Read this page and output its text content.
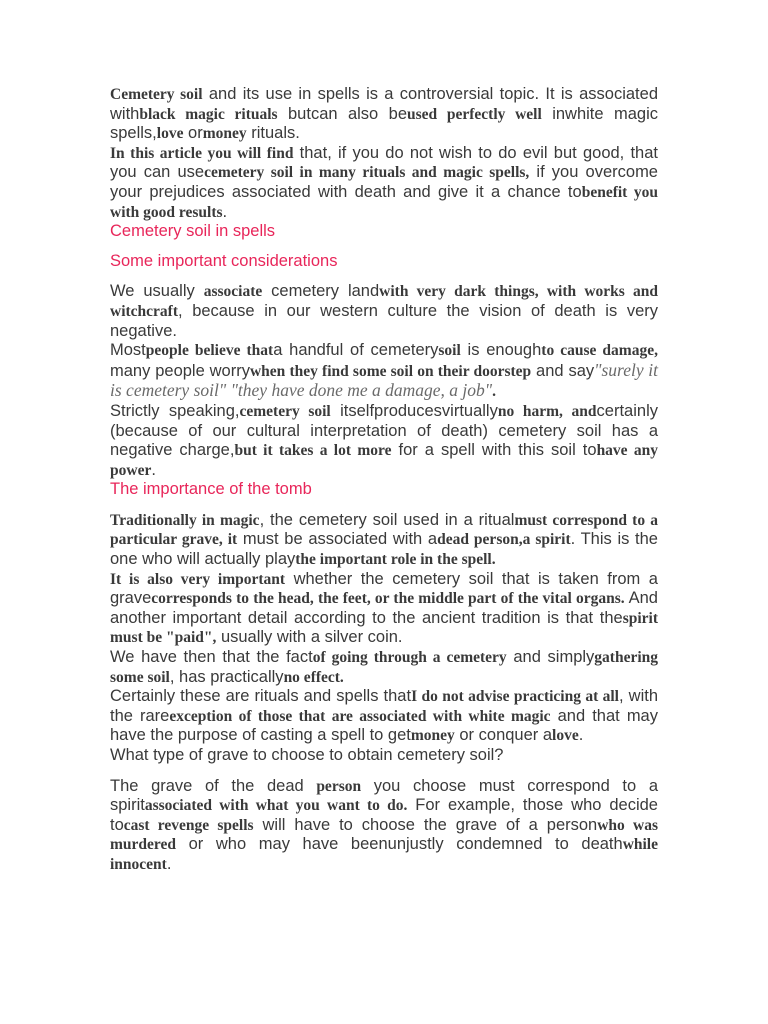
Cemetery soil and its use in spells is a controversial topic. It is associated withblack magic rituals butcan also beused perfectly well inwhite magic spells,love ormoney rituals.

In this article you will find that, if you do not wish to do evil but good, that you can usecemetery soil in many rituals and magic spells, if you overcome your prejudices associated with death and give it a chance tobenefit you with good results.

Cemetery soil in spells

Some important considerations

We usually associate cemetery landwith very dark things, with works and witchcraft, because in our western culture the vision of death is very negative.

Mostpeople believe thata handful of cemeterysoil is enoughto cause damage, many people worrywhen they find some soil on their doorstep and say"surely it is cemetery soil" "they have done me a damage, a job".

Strictly speaking,cemetery soil itselfproducesvirtuallyno harm, andcertainly (because of our cultural interpretation of death) cemetery soil has a negative charge,but it takes a lot more for a spell with this soil tohave any power.

The importance of the tomb

Traditionally in magic, the cemetery soil used in a ritualmust correspond to a particular grave, it must be associated with adead person,a spirit. This is the one who will actually playthe important role in the spell.

It is also very important whether the cemetery soil that is taken from a gravecorresponds to the head, the feet, or the middle part of the vital organs. And another important detail according to the ancient tradition is that thespirit must be "paid", usually with a silver coin.

We have then that the factof going through a cemetery and simplygathering some soil, has practicallyno effect.

Certainly these are rituals and spells thatI do not advise practicing at all, with the rareexception of those that are associated with white magic and that may have the purpose of casting a spell to getmoney or conquer alove.

What type of grave to choose to obtain cemetery soil?

The grave of the dead person you choose must correspond to a spiritassociated with what you want to do. For example, those who decide tocast revenge spells will have to choose the grave of a personwho was murdered or who may have beenunjustly condemned to deathwhile innocent.
